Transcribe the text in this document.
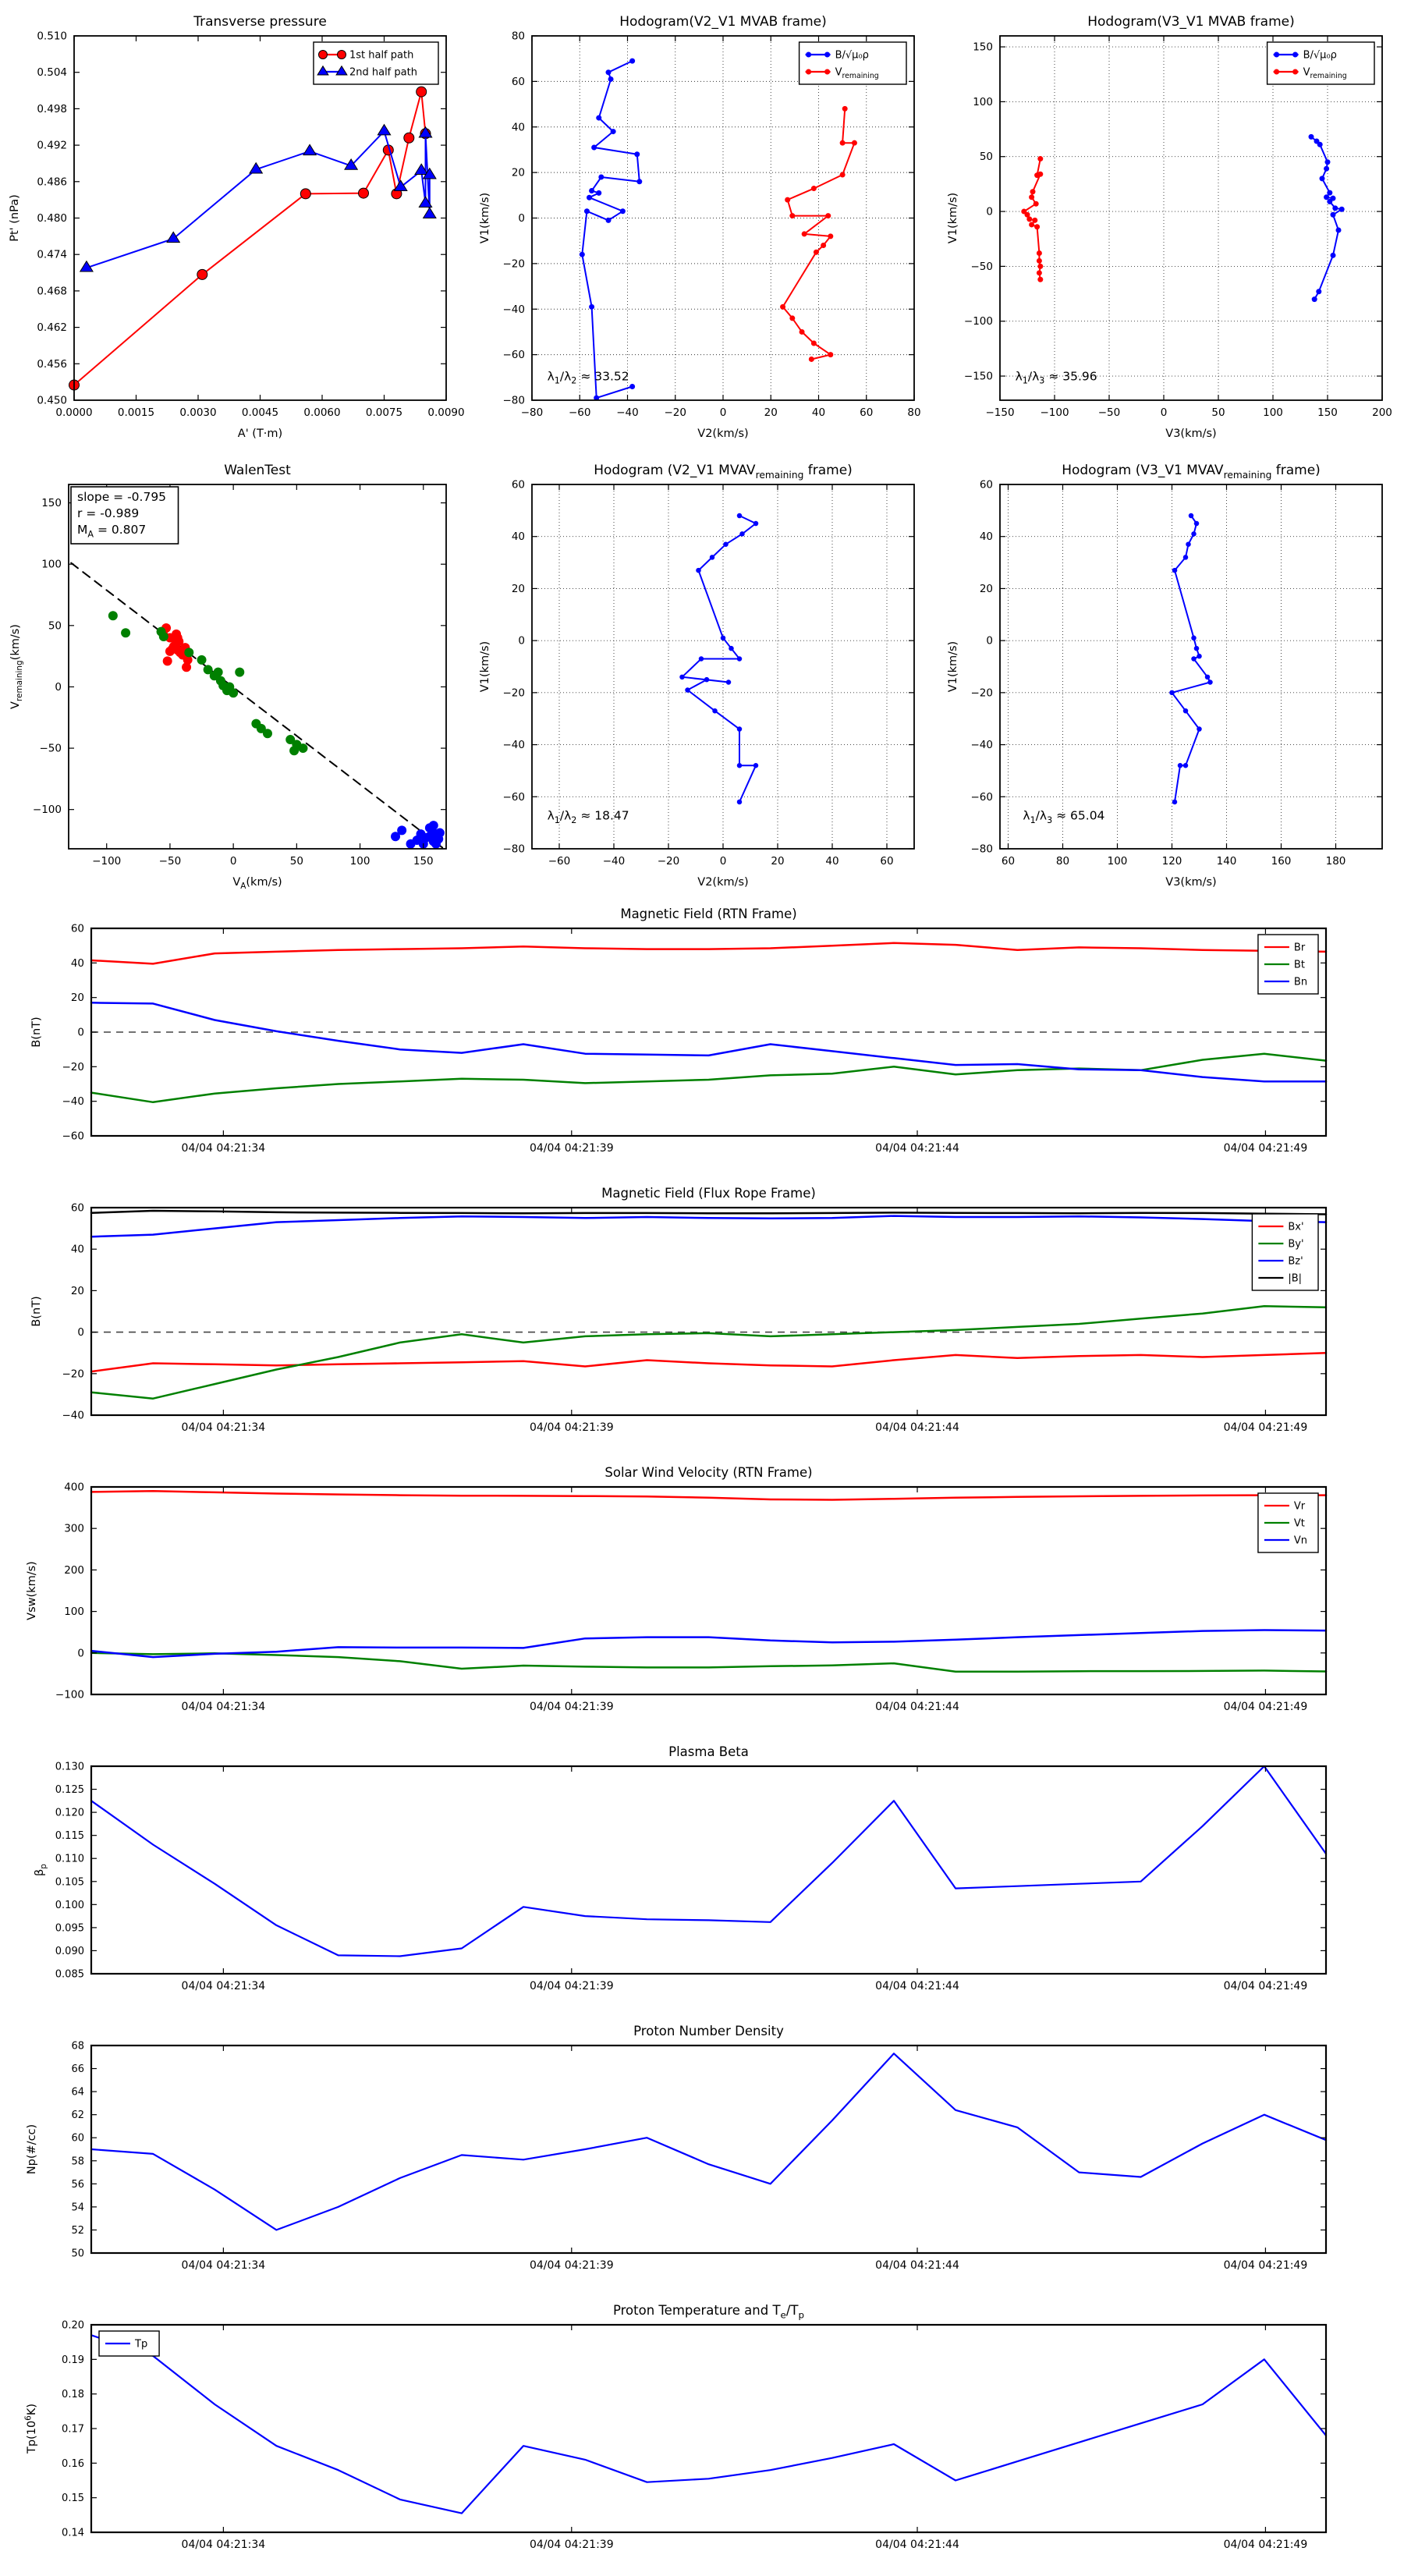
0.0000 0.0015 0.0030 0.0045 0.0060 0.0075 0.0090
0.450
0.456
0.462
0.468
0.474
0.480
0.486
0.492
0.498
0.504
0.510
Transverse pressure
A' (T·m)
Pt' (nPa)
1st half path
2nd half path
−80 −60 −40 −20	0	20	40	60	80
−80
−60
−40
−20
0
20
40
60
80
Hodogram(V2_V1 MVAB frame)
V2(km/s)
V1(km/s)
B/√μ₀ρ
$V_{remaining}$
$\lambda_1/\lambda_2 \approx 33.52$
−150 −100	−50	0	50	100	150	200
−150
−100
−50
0
50
100
150
Hodogram(V3_V1 MVAB frame)
V3(km/s)
V1(km/s)
B/√μ₀ρ
$V_{remaining}$
$\lambda_1/\lambda_3 \approx 35.96$
−100	−50	0	50	100	150
−100
−50
0
50
100
150
WalenTest
$V_A(km/s)$
$V_{remaining}(km/s)$
slope = -0.795
r = -0.989
$M_A = 0.807$
−60	−40	−20	0	20	40	60
−80
−60
−40
−20
0
20
40
60
Hodogram (V2_V1 $MVAV_{remaining}$ frame)
V2(km/s)
V1(km/s)
$\lambda_1/\lambda_2 \approx 18.47$
60	80	100	120	140	160	180
−80
−60
−40
−20
0
20
40
60
Hodogram (V3_V1 $MVAV_{remaining}$ frame)
V3(km/s)
V1(km/s)
$\lambda_1/\lambda_3 \approx 65.04$
04/04 04:21:34	04/04 04:21:39	04/04 04:21:44	04/04 04:21:49
−60
−40
−20
0
20
40
60
Magnetic Field (RTN Frame)
B(nT)
Br
Bt
Bn
04/04 04:21:34	04/04 04:21:39	04/04 04:21:44	04/04 04:21:49
−40
−20
0
20
40
60
Magnetic Field (Flux Rope Frame)
B(nT)
Bx'
By'
Bz'
|B|
04/04 04:21:34	04/04 04:21:39	04/04 04:21:44	04/04 04:21:49
−100
0
100
200
300
400
Solar Wind Velocity (RTN Frame)
Vsw(km/s)
Vr
Vt
Vn
04/04 04:21:34	04/04 04:21:39	04/04 04:21:44	04/04 04:21:49
0.085
0.090
0.095
0.100
0.105
0.110
0.115
0.120
0.125
0.130
Plasma Beta
$\beta_p$
04/04 04:21:34	04/04 04:21:39	04/04 04:21:44	04/04 04:21:49
50
52
54
56
58
60
62
64
66
68
Proton Number Density
Np(#/cc)
04/04 04:21:34	04/04 04:21:39	04/04 04:21:44	04/04 04:21:49
0.14
0.15
0.16
0.17
0.18
0.19
0.20
Proton Temperature and $T_e/T_p$
$Tp(10^6K)$
Tp
